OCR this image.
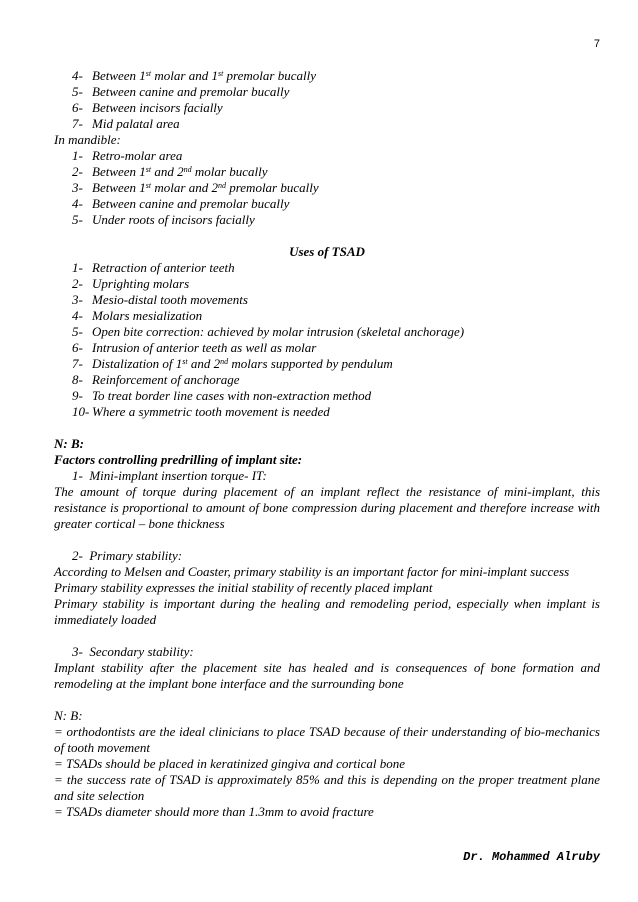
7
4- Between 1st molar and 1st premolar bucally
5- Between canine and premolar bucally
6- Between incisors facially
7- Mid palatal area

In mandible:

1- Retro-molar area
2- Between 1st and 2nd molar bucally
3- Between 1st molar and 2nd premolar bucally
4- Between canine and premolar bucally
5- Under roots of incisors facially

Uses of TSAD

1- Retraction of anterior teeth
2- Uprighting molars
3- Mesio-distal tooth movements
4- Molars mesialization
5- Open bite correction: achieved by molar intrusion (skeletal anchorage)
6- Intrusion of anterior teeth as well as molar
7- Distalization of 1st and 2nd molars supported by pendulum
8- Reinforcement of anchorage
9- To treat border line cases with non-extraction method
10- Where a symmetric tooth movement is needed

N: B:

Factors controlling predrilling of implant site:

1-  Mini-implant insertion torque- IT:

The amount of torque during placement of an implant reflect the resistance of mini-implant, this resistance is proportional to amount of bone compression during placement and therefore increase with greater cortical – bone thickness

2-  Primary stability:

According to Melsen and Coaster, primary stability is an important factor for mini-implant success

Primary stability expresses the initial stability of recently placed implant

Primary stability is important during the healing and remodeling period, especially when implant is immediately loaded

3-  Secondary stability:

Implant stability after the placement site has healed and is consequences of bone formation and remodeling at the implant bone interface and the surrounding bone

N: B:

= orthodontists are the ideal clinicians to place TSAD because of their understanding of bio-mechanics of tooth movement

= TSADs should be placed in keratinized gingiva and cortical bone

= the success rate of TSAD is approximately 85% and this is depending on the proper treatment plane and site selection

= TSADs diameter should more than 1.3mm to avoid fracture

Dr. Mohammed Alruby
